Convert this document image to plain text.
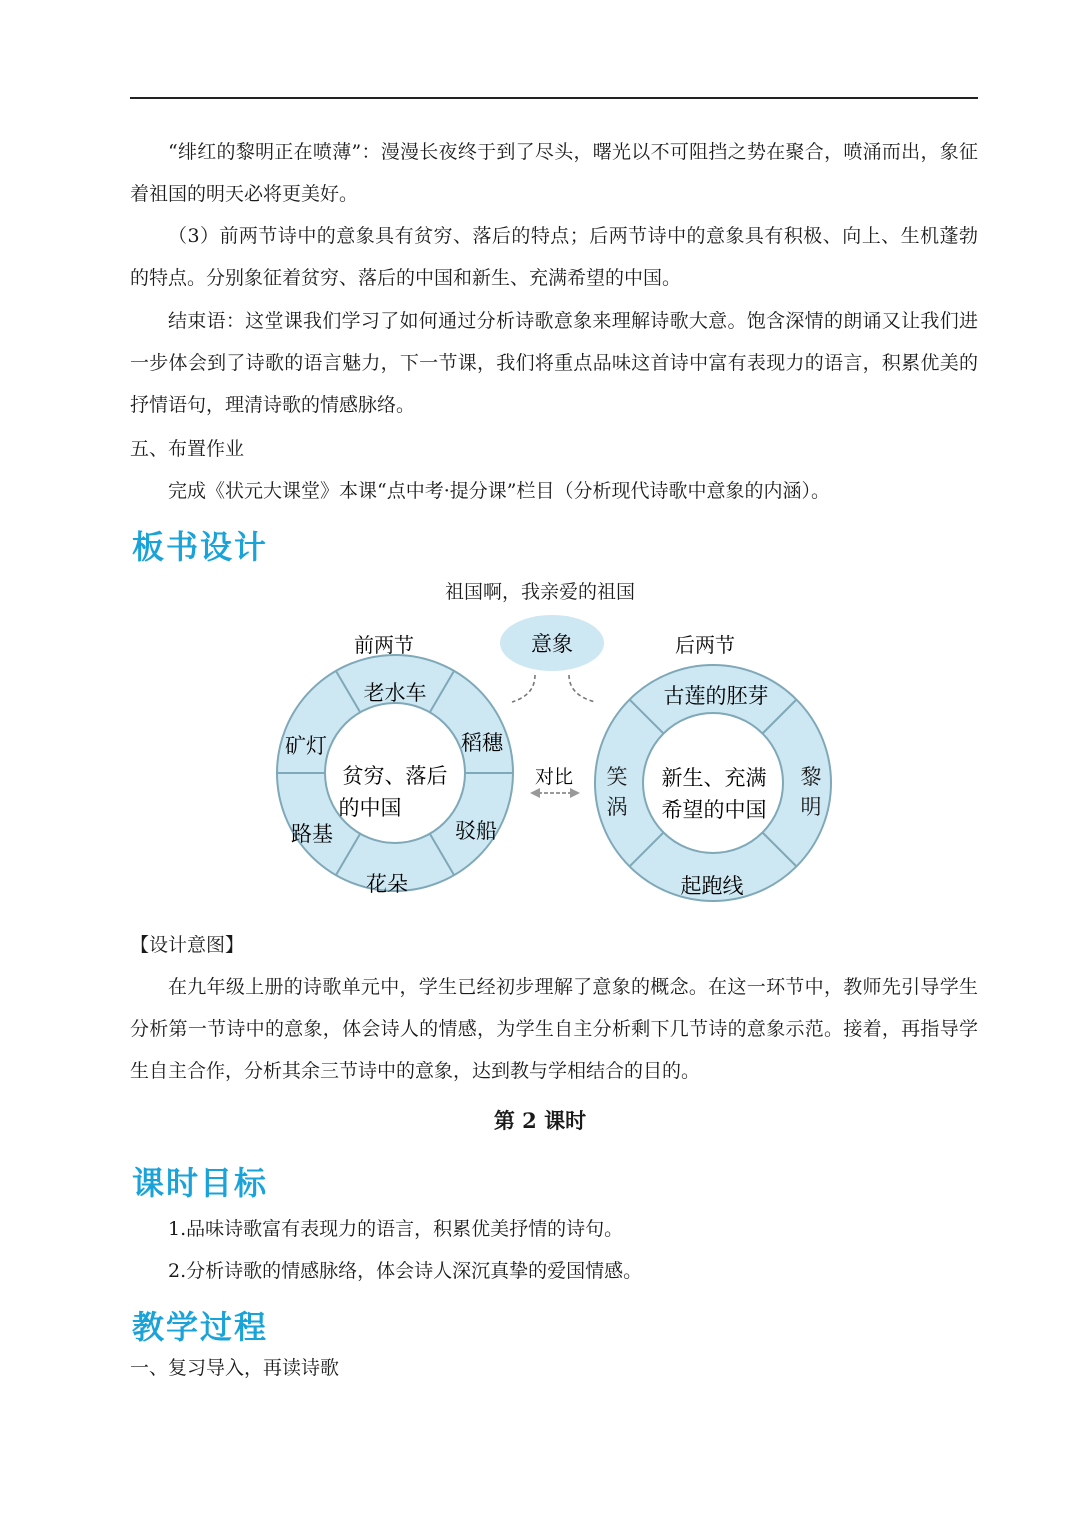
“绯红的黎明正在喷薄”：漫漫长夜终于到了尽头，曙光以不可阻挡之势在聚合，喷涌而出，象征着祖国的明天必将更美好。

（3）前两节诗中的意象具有贫穷、落后的特点；后两节诗中的意象具有积极、向上、生机蓬勃的特点。分别象征着贫穷、落后的中国和新生、充满希望的中国。

结束语：这堂课我们学习了如何通过分析诗歌意象来理解诗歌大意。饱含深情的朗诵又让我们进一步体会到了诗歌的语言魅力，下一节课，我们将重点品味这首诗中富有表现力的语言，积累优美的抒情语句，理清诗歌的情感脉络。

五、布置作业

完成《状元大课堂》本课“点中考·提分课”栏目（分析现代诗歌中意象的内涵）。

板书设计

祖国啊，我亲爱的祖国

前两节	后两节
意象
对比
老水车
稻穗
驳船
花朵
路基
矿灯
贫穷、落后
的中国
古莲的胚芽
起跑线
新生、充满
希望的中国
黎明
笑涡

【设计意图】

在九年级上册的诗歌单元中，学生已经初步理解了意象的概念。在这一环节中，教师先引导学生分析第一节诗中的意象，体会诗人的情感，为学生自主分析剩下几节诗的意象示范。接着，再指导学生自主合作，分析其余三节诗中的意象，达到教与学相结合的目的。

第 2 课时

课时目标

1.品味诗歌富有表现力的语言，积累优美抒情的诗句。

2.分析诗歌的情感脉络，体会诗人深沉真挚的爱国情感。

教学过程

一、复习导入，再读诗歌
